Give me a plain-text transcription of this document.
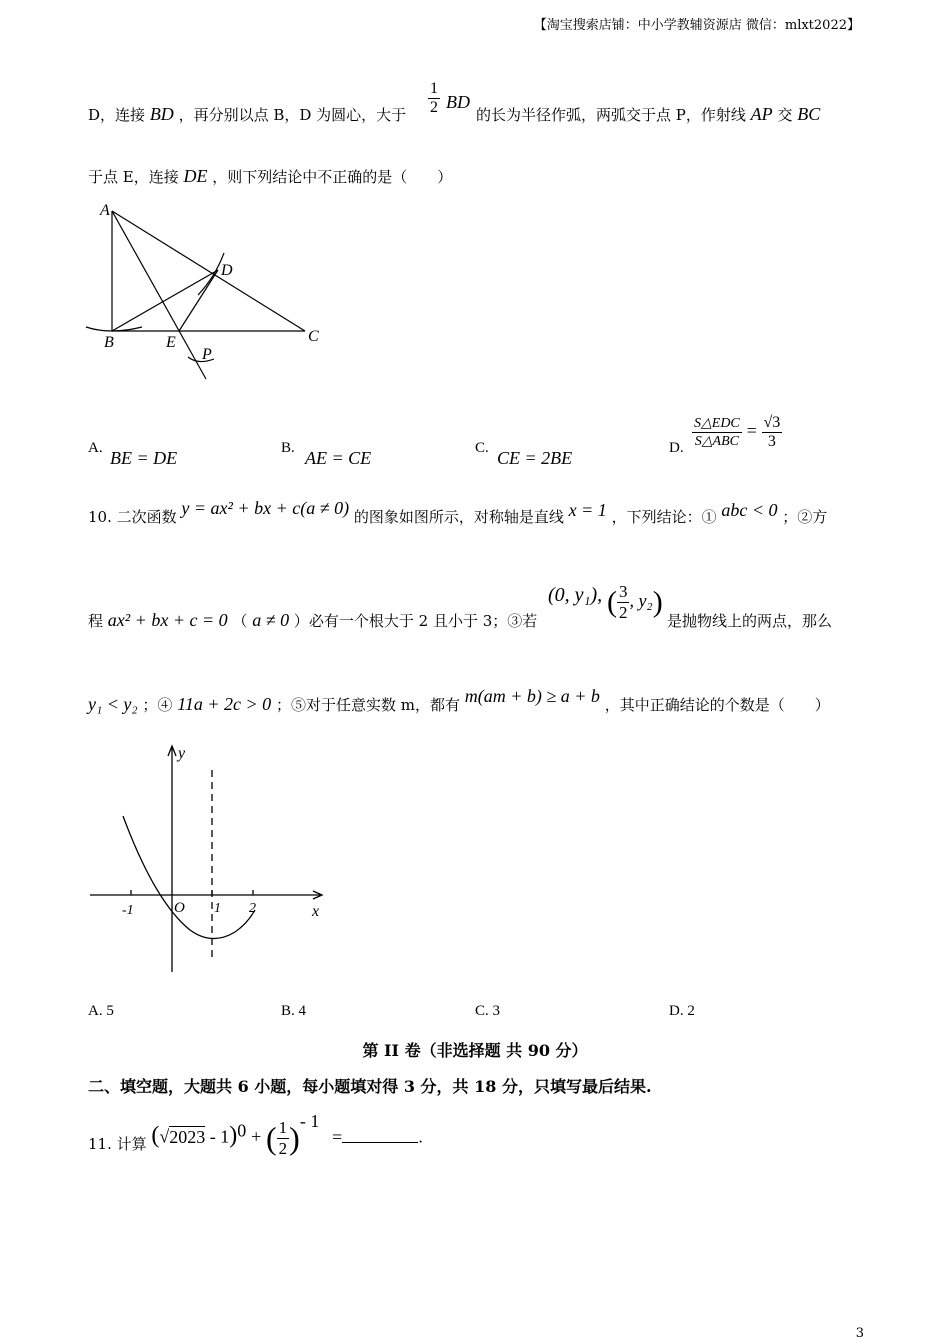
【淘宝搜索店铺：中小学教辅资源店 微信：mlxt2022】
D，连接 BD ，再分别以点 B，D 为圆心，大于 $\frac{1}{2}$ BD
的长为半径作弧，两弧交于点 P，作射线 AP 交 BC
于点 E，连接 DE ，则下列结论中不正确的是（　　）
A
B	C
D
E
P
A. BE = DE	B. AE = CE	C. CE = 2BE	D. $\frac{\text{S△EDC}}{\text{S△ABC}} = \frac{√3}{3}$
10. 二次函数 y = ax² + bx + c(a ≠ 0) 的图象如图所示，对称轴是直线 x = 1 ，下列结论：① abc < 0 ；②方
程 ax² + bx + c = 0 （ a ≠ 0 ）必有一个根大于 2 且小于 3；③若
(0, y₁), ( $\frac{3}{2}$ , y₂)
是抛物线上的两点，那么
y₁ < y₂ ；④ 11a + 2c > 0 ；⑤对于任意实数 m，都有 m(am + b) ≥ a + b ，其中正确结论的个数是（　　）
y
x
O
-1	1 2
A. 5	B. 4	C. 3	D. 2
第 II 卷（非选择题 共 90 分）
二、填空题，大题共 6 小题，每小题填对得 3 分，共 18 分，只填写最后结果.
11. 计算 (√2023 - 1)$^0$ + ( $\frac{1}{2} )^{- 1}$ =	.
3
